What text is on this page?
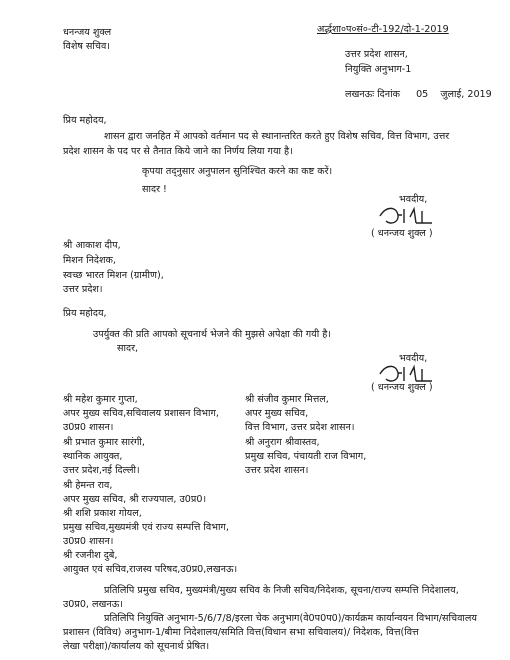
धनन्जय शुक्ल
विशेष सचिव।
अर्द्धशा०प०सं०-टी-192/दो-1-2019
उत्तर प्रदेश शासन,
नियुक्ति अनुभाग-1
लखनऊः दिनांक 05 जुलाई, 2019
प्रिय महोदय,
शासन द्वारा जनहित में आपको वर्तमान पद से स्थानान्तरित करते हुए विशेष सचिव, वित्त विभाग, उत्तर
प्रदेश शासन के पद पर से तैनात किये जाने का निर्णय लिया गया है।
कृपया तद्नुसार अनुपालन सुनिश्चित करने का कष्ट करें।
सादर !
भवदीय,
( धनन्जय शुक्ल )
श्री आकाश दीप,
मिशन निदेशक,
स्वच्छ भारत मिशन (ग्रामीण),
उत्तर प्रदेश।
प्रिय महोदय,
उपर्युक्त की प्रति आपको सूचनार्थ भेजने की मुझसे अपेक्षा की गयी है।
सादर,
भवदीय,
( धनन्जय शुक्ल )
श्री महेश कुमार गुप्ता,
अपर मुख्य सचिव,सचिवालय प्रशासन विभाग,
उ0प्र0 शासन।
श्री प्रभात कुमार सारंगी,
स्थानिक आयुक्त,
उत्तर प्रदेश,नई दिल्ली।
श्री हेमन्त राव,
अपर मुख्य सचिव, श्री राज्यपाल, उ0प्र0।
श्री शशि प्रकाश गोयल,
प्रमुख सचिव,मुख्यमंत्री एवं राज्य सम्पत्ति विभाग,
उ0प्र0 शासन।
श्री रजनीश दुबे,
आयुक्त एवं सचिव,राजस्व परिषद,उ0प्र0,लखनऊ।
श्री संजीव कुमार मित्तल,
अपर मुख्य सचिव,
वित्त विभाग, उत्तर प्रदेश शासन।
श्री अनुराग श्रीवास्तव,
प्रमुख सचिव, पंचायती राज विभाग,
उत्तर प्रदेश शासन।
प्रतिलिपि प्रमुख सचिव, मुख्यमंत्री/मुख्य सचिव के निजी सचिव/निदेशक, सूचना/राज्य सम्पत्ति निदेशालय,
उ0प्र0, लखनऊ।
प्रतिलिपि नियुक्ति अनुभाग-5/6/7/8/इरला चेक अनुभाग(वे0प0प0)/कार्यक्रम कार्यान्वयन विभाग/सचिवालय
प्रशासन (विविध) अनुभाग-1/बीमा निदेशालय/समिति वित्त(विधान सभा सचिवालय)/ निदेशक, वित्त(वित्त
लेखा परीक्षा)/कार्यालय को सूचनार्थ प्रेषित।
